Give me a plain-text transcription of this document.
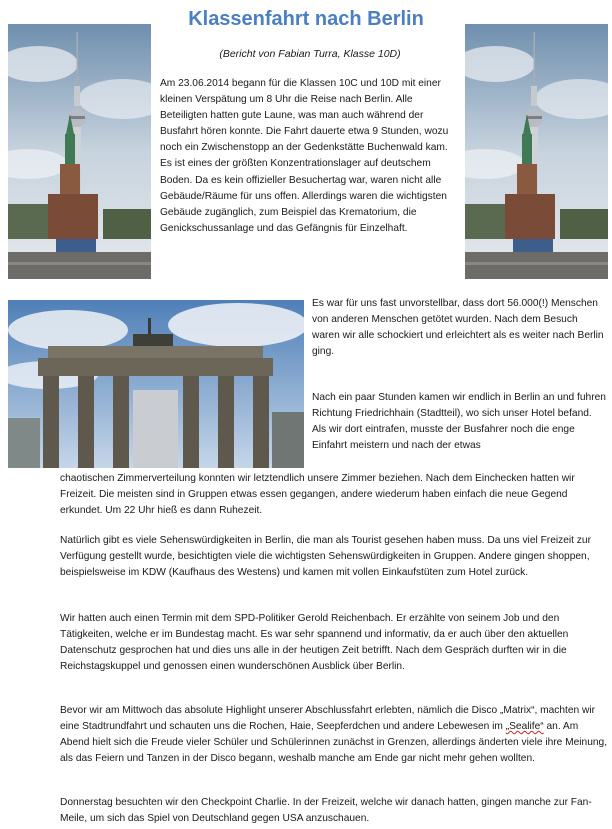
Klassenfahrt nach Berlin
(Bericht von Fabian Turra, Klasse 10D)

Am 23.06.2014 begann für die Klassen 10C und 10D mit einer kleinen Verspätung um 8 Uhr die Reise nach Berlin. Alle Beteiligten hatten gute Laune, was man auch während der Busfahrt hören konnte. Die Fahrt dauerte etwa 9 Stunden, wozu noch ein Zwischenstopp an der Gedenkstätte Buchenwald kam. Es ist eines der größten Konzentrationslager auf deutschem Boden. Da es kein offizieller Besuchertag war, waren nicht alle Gebäude/Räume für uns offen. Allerdings waren die wichtigsten Gebäude zugänglich, zum Beispiel das Krematorium, die Genickschussanlage und das Gefängnis für Einzelhaft.

Es war für uns fast unvorstellbar, dass dort 56.000(!) Menschen von anderen Menschen getötet wurden. Nach dem Besuch waren wir alle schockiert und erleichtert als es weiter nach Berlin ging.

Nach ein paar Stunden kamen wir endlich in Berlin an und fuhren Richtung Friedrichhain (Stadtteil), wo sich unser Hotel befand. Als wir dort eintrafen, musste der Busfahrer noch die enge Einfahrt meistern und nach der etwas

chaotischen Zimmerverteilung konnten wir letztendlich unsere Zimmer beziehen. Nach dem Einchecken hatten wir Freizeit. Die meisten sind in Gruppen etwas essen gegangen, andere wiederum haben einfach die neue Gegend erkundet. Um 22 Uhr hieß es dann Ruhezeit.

Natürlich gibt es viele Sehenswürdigkeiten in Berlin, die man als Tourist gesehen haben muss. Da uns viel Freizeit zur Verfügung gestellt wurde, besichtigten viele die wichtigsten Sehenswürdigkeiten in Gruppen. Andere gingen shoppen, beispielsweise im KDW (Kaufhaus des Westens) und kamen mit vollen Einkaufstüten zum Hotel zurück.

Wir hatten auch einen Termin mit dem SPD-Politiker Gerold Reichenbach. Er erzählte von seinem Job und den Tätigkeiten, welche er im Bundestag macht. Es war sehr spannend und informativ, da er auch über den aktuellen Datenschutz gesprochen hat und dies uns alle in der heutigen Zeit betrifft. Nach dem Gespräch durften wir in die Reichstagskuppel und genossen einen wunderschönen Ausblick über Berlin.

Bevor wir am Mittwoch das absolute Highlight unserer Abschlussfahrt erlebten, nämlich die Disco „Matrix“, machten wir eine Stadtrundfahrt und schauten uns die Rochen, Haie, Seepferdchen und andere Lebewesen im „Sealife“ an. Am Abend hielt sich die Freude vieler Schüler und Schülerinnen zunächst in Grenzen, allerdings änderten viele ihre Meinung, als das Feiern und Tanzen in der Disco begann, weshalb manche am Ende gar nicht mehr gehen wollten.

Donnerstag besuchten wir den Checkpoint Charlie. In der Freizeit, welche wir danach hatten, gingen manche zur Fan-Meile, um sich das Spiel von Deutschland gegen USA anzuschauen.
